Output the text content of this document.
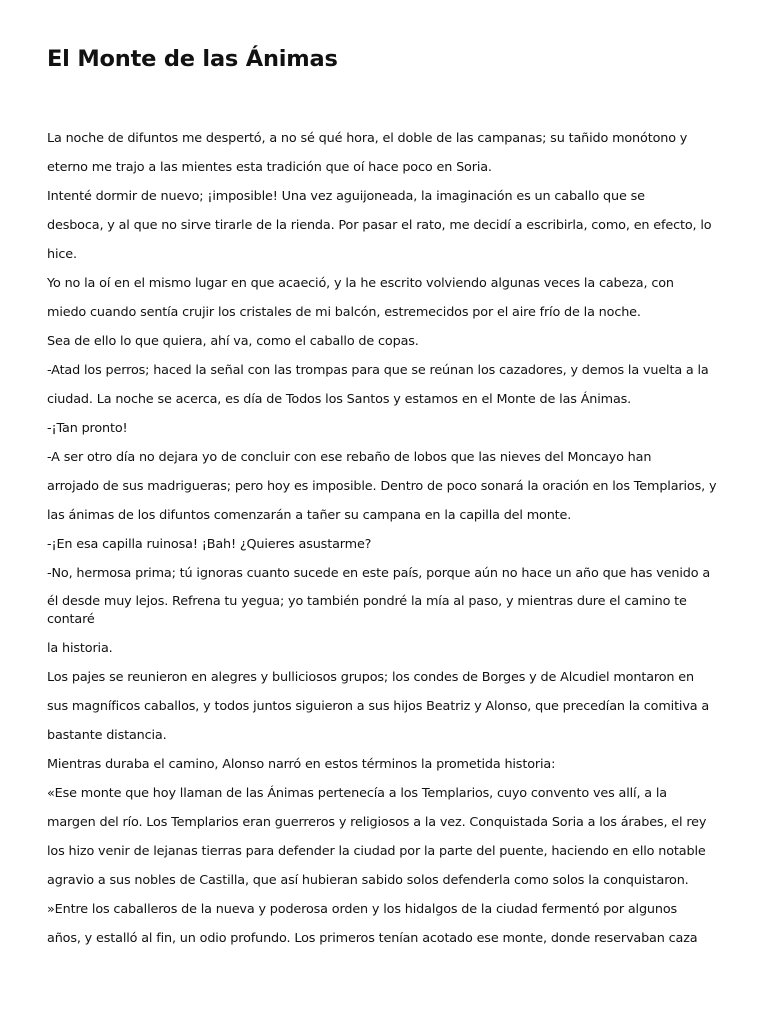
El Monte de las Ánimas
La noche de difuntos me despertó, a no sé qué hora, el doble de las campanas; su tañido monótono y
eterno me trajo a las mientes esta tradición que oí hace poco en Soria.
Intenté dormir de nuevo; ¡imposible! Una vez aguijoneada, la imaginación es un caballo que se
desboca, y al que no sirve tirarle de la rienda. Por pasar el rato, me decidí a escribirla, como, en efecto, lo
hice.
Yo no la oí en el mismo lugar en que acaeció, y la he escrito volviendo algunas veces la cabeza, con
miedo cuando sentía crujir los cristales de mi balcón, estremecidos por el aire frío de la noche.
Sea de ello lo que quiera, ahí va, como el caballo de copas.
-Atad los perros; haced la señal con las trompas para que se reúnan los cazadores, y demos la vuelta a la
ciudad. La noche se acerca, es día de Todos los Santos y estamos en el Monte de las Ánimas.
-¡Tan pronto!
-A ser otro día no dejara yo de concluir con ese rebaño de lobos que las nieves del Moncayo han
arrojado de sus madrigueras; pero hoy es imposible. Dentro de poco sonará la oración en los Templarios, y
las ánimas de los difuntos comenzarán a tañer su campana en la capilla del monte.
-¡En esa capilla ruinosa! ¡Bah! ¿Quieres asustarme?
-No, hermosa prima; tú ignoras cuanto sucede en este país, porque aún no hace un año que has venido a
él desde muy lejos. Refrena tu yegua; yo también pondré la mía al paso, y mientras dure el camino te
contaré
la historia.
Los pajes se reunieron en alegres y bulliciosos grupos; los condes de Borges y de Alcudiel montaron en
sus magníficos caballos, y todos juntos siguieron a sus hijos Beatriz y Alonso, que precedían la comitiva a
bastante distancia.
Mientras duraba el camino, Alonso narró en estos términos la prometida historia:
«Ese monte que hoy llaman de las Ánimas pertenecía a los Templarios, cuyo convento ves allí, a la
margen del río. Los Templarios eran guerreros y religiosos a la vez. Conquistada Soria a los árabes, el rey
los hizo venir de lejanas tierras para defender la ciudad por la parte del puente, haciendo en ello notable
agravio a sus nobles de Castilla, que así hubieran sabido solos defenderla como solos la conquistaron.
»Entre los caballeros de la nueva y poderosa orden y los hidalgos de la ciudad fermentó por algunos
años, y estalló al fin, un odio profundo. Los primeros tenían acotado ese monte, donde reservaban caza
